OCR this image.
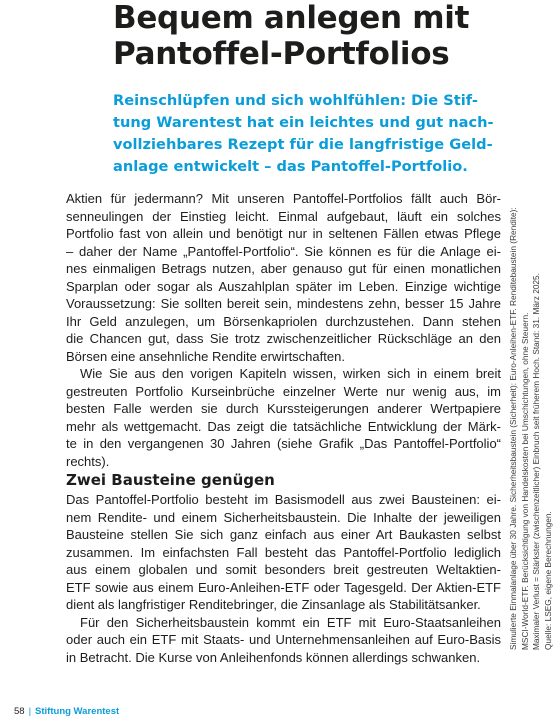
Bequem anlegen mit
Pantoffel-Portfolios
Reinschlüpfen und sich wohlfühlen: Die Stif-
tung Warentest hat ein leichtes und gut nach-
vollziehbares Rezept für die langfristige Geld-
anlage entwickelt – das Pantoffel-Portfolio.
Aktien für jedermann? Mit unseren Pantoffel-Portfolios fällt auch Bör-
senneulingen der Einstieg leicht. Einmal aufgebaut, läuft ein solches
Portfolio fast von allein und benötigt nur in seltenen Fällen etwas Pflege
– daher der Name „Pantoffel-Portfolio“. Sie können es für die Anlage ei-
nes einmaligen Betrags nutzen, aber genauso gut für einen monatlichen
Sparplan oder sogar als Auszahlplan später im Leben. Einzige wichtige
Voraussetzung: Sie sollten bereit sein, mindestens zehn, besser 15 Jahre
Ihr Geld anzulegen, um Börsenkapriolen durchzustehen. Dann stehen
die Chancen gut, dass Sie trotz zwischenzeitlicher Rückschläge an den
Börsen eine ansehnliche Rendite erwirtschaften.
Wie Sie aus den vorigen Kapiteln wissen, wirken sich in einem breit
gestreuten Portfolio Kurseinbrüche einzelner Werte nur wenig aus, im
besten Falle werden sie durch Kurssteigerungen anderer Wertpapiere
mehr als wettgemacht. Das zeigt die tatsächliche Entwicklung der Märk-
te in den vergangenen 30 Jahren (siehe Grafik „Das Pantoffel-Portfolio“
rechts).
Zwei Bausteine genügen
Das Pantoffel-Portfolio besteht im Basismodell aus zwei Bausteinen: ei-
nem Rendite- und einem Sicherheitsbaustein. Die Inhalte der jeweiligen
Bausteine stellen Sie sich ganz einfach aus einer Art Baukasten selbst
zusammen. Im einfachsten Fall besteht das Pantoffel-Portfolio lediglich
aus einem globalen und somit besonders breit gestreuten Weltaktien-
ETF sowie aus einem Euro-Anleihen-ETF oder Tagesgeld. Der Aktien-ETF
dient als langfristiger Renditebringer, die Zinsanlage als Stabilitätsanker.
Für den Sicherheitsbaustein kommt ein ETF mit Euro-Staatsanleihen
oder auch ein ETF mit Staats- und Unternehmensanleihen auf Euro-Basis
in Betracht. Die Kurse von Anleihenfonds können allerdings schwanken.
Simulierte Einmalanlage über 30 Jahre. Sicherheitsbaustein (Sicherheit): Euro-Anleihen-ETF. Renditebaustein (Rendite): MSCI-World-ETF. Berücksichtigung von Handelskosten bei Umschichtungen, ohne Steuern. Maximaler Verlust = Stärkster (zwischenzeitlicher) Einbruch seit früherem Hoch. Stand: 31. März 2025. Quelle: LSEG, eigene Berechnungen.
58 | Stiftung Warentest
